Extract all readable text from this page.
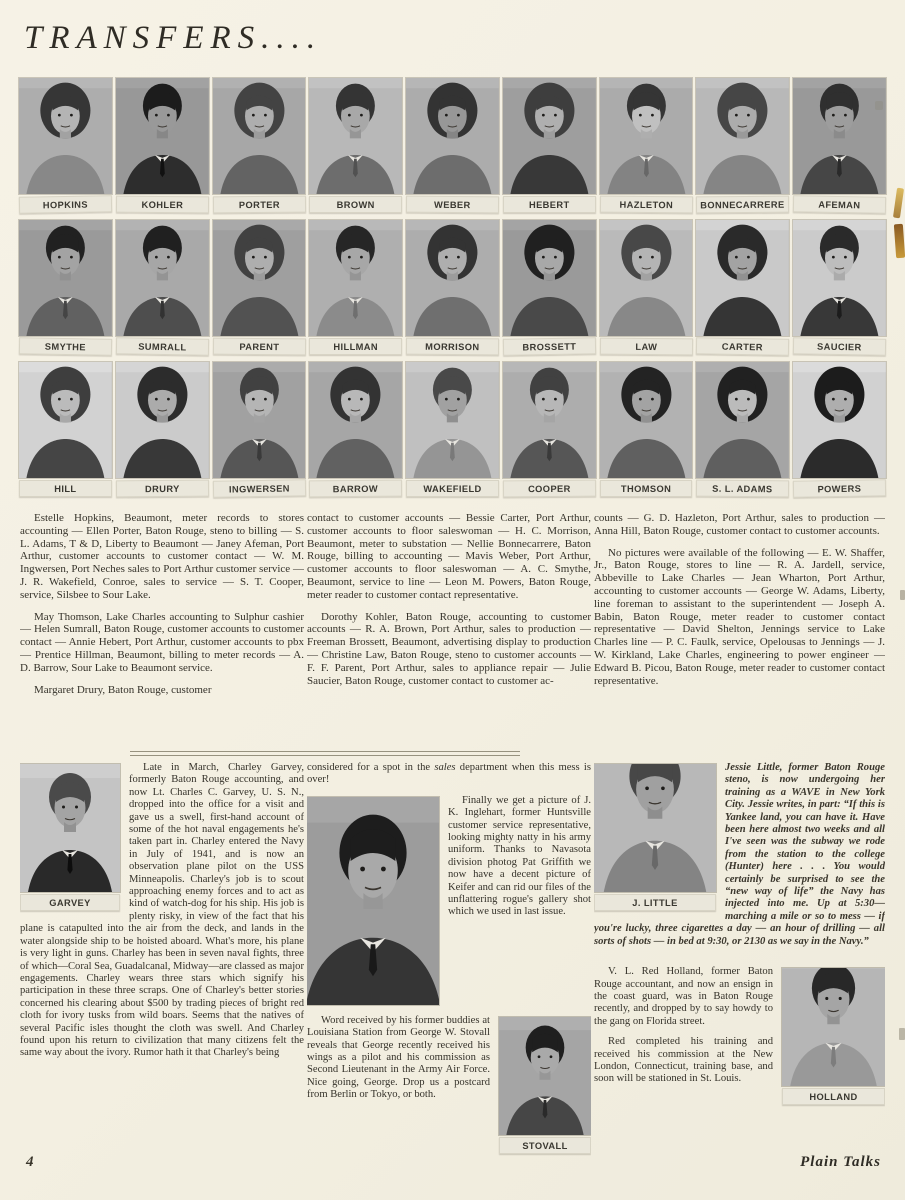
TRANSFERS....
HOPKINS	KOHLER	PORTER	BROWN	WEBER	HEBERT	HAZLETON	BONNECARRERE	AFEMAN
SMYTHE	SUMRALL	PARENT	HILLMAN	MORRISON	BROSSETT	LAW	CARTER	SAUCIER
HILL	DRURY	INGWERSEN	BARROW	WAKEFIELD	COOPER	THOMSON	S. L. ADAMS	POWERS

Estelle Hopkins, Beaumont, meter records to stores accounting — Ellen Porter, Baton Rouge, steno to billing — S. L. Adams, T & D, Liberty to Beaumont — Janey Afeman, Port Arthur, customer accounts to customer contact — W. M. Ingwersen, Port Neches sales to Port Arthur customer service — J. R. Wakefield, Conroe, sales to service — S. T. Cooper, service, Silsbee to Sour Lake.

May Thomson, Lake Charles accounting to Sulphur cashier — Helen Sumrall, Baton Rouge, customer accounts to customer contact — Annie Hebert, Port Arthur, customer accounts to pbx — Prentice Hillman, Beaumont, billing to meter records — A. D. Barrow, Sour Lake to Beaumont service.

Margaret Drury, Baton Rouge, customer

contact to customer accounts — Bessie Carter, Port Arthur, customer accounts to floor saleswoman — H. C. Morrison, Beaumont, meter to substation — Nellie Bonnecarrere, Baton Rouge, billing to accounting — Mavis Weber, Port Arthur, customer accounts to floor saleswoman — A. C. Smythe, Beaumont, service to line — Leon M. Powers, Baton Rouge, meter reader to customer contact representative.

Dorothy Kohler, Baton Rouge, accounting to customer accounts — R. A. Brown, Port Arthur, sales to production — Freeman Brossett, Beaumont, advertising display to production — Christine Law, Baton Rouge, steno to customer accounts — F. F. Parent, Port Arthur, sales to appliance repair — Julie Saucier, Baton Rouge, customer contact to customer ac-

counts — G. D. Hazleton, Port Arthur, sales to production — Anna Hill, Baton Rouge, customer contact to customer accounts.

No pictures were available of the following — E. W. Shaffer, Jr., Baton Rouge, stores to line — R. A. Jardell, service, Abbeville to Lake Charles — Jean Wharton, Port Arthur, accounting to customer accounts — George W. Adams, Liberty, line foreman to assistant to the superintendent — Joseph A. Babin, Baton Rouge, meter reader to customer contact representative — David Shelton, Jennings service to Lake Charles line — P. C. Faulk, service, Opelousas to Jennings — J. W. Kirkland, Lake Charles, engineering to power engineer — Edward B. Picou, Baton Rouge, meter reader to customer contact representative.

GARVEY

Late in March, Charley Garvey, formerly Baton Rouge accounting, and now Lt. Charles C. Garvey, U. S. N., dropped into the office for a visit and gave us a swell, first-hand account of some of the hot naval engagements he's taken part in. Charley entered the Navy in July of 1941, and is now an observation plane pilot on the USS Minneapolis. Charley's job is to scout approaching enemy forces and to act as kind of watch-dog for his ship. His job is plenty risky, in view of the fact that his plane is catapulted into the air from the deck, and lands in the water alongside ship to be hoisted aboard. What's more, his plane is very light in guns. Charley has been in seven naval fights, three of which—Coral Sea, Guadalcanal, Midway—are classed as major engagements. Charley wears three stars which signify his participation in these three scraps. One of Charley's better stories concerned his clearing about $500 by trading pieces of bright red cloth for ivory tusks from wild boars. Seems that the natives of several Pacific isles thought the cloth was swell. And Charley found upon his return to civilization that many citizens felt the same way about the ivory. Rumor hath it that Charley's being

considered for a spot in the sales department when this mess is over!

Finally we get a picture of J. K. Inglehart, former Huntsville customer service representative, looking mighty natty in his army uniform. Thanks to Navasota division photog Pat Griffith we now have a decent picture of Keifer and can rid our files of the unflattering rogue's gallery shot which we used in last issue.

STOVALL

Word received by his former buddies at Louisiana Station from George W. Stovall reveals that George recently received his wings as a pilot and his commission as Second Lieutenant in the Army Air Force. Nice going, George. Drop us a postcard from Berlin or Tokyo, or both.

J. LITTLE

Jessie Little, former Baton Rouge steno, is now undergoing her training as a WAVE in New York City. Jessie writes, in part: “If this is Yankee land, you can have it. Have been here almost two weeks and all I've seen was the subway we rode from the station to the college (Hunter) here . . . You would certainly be surprised to see the “new way of life” the Navy has injected into me. Up at 5:30— marching a mile or so to mess — if you're lucky, three cigarettes a day — an hour of drilling — all sorts of shots — in bed at 9:30, or 2130 as we say in the Navy.”

HOLLAND

V. L. Red Holland, former Baton Rouge accountant, and now an ensign in the coast guard, was in Baton Rouge recently, and dropped by to say howdy to the gang on Florida street.

Red completed his training and received his commission at the New London, Connecticut, training base, and soon will be stationed in St. Louis.

4	Plain Talks
